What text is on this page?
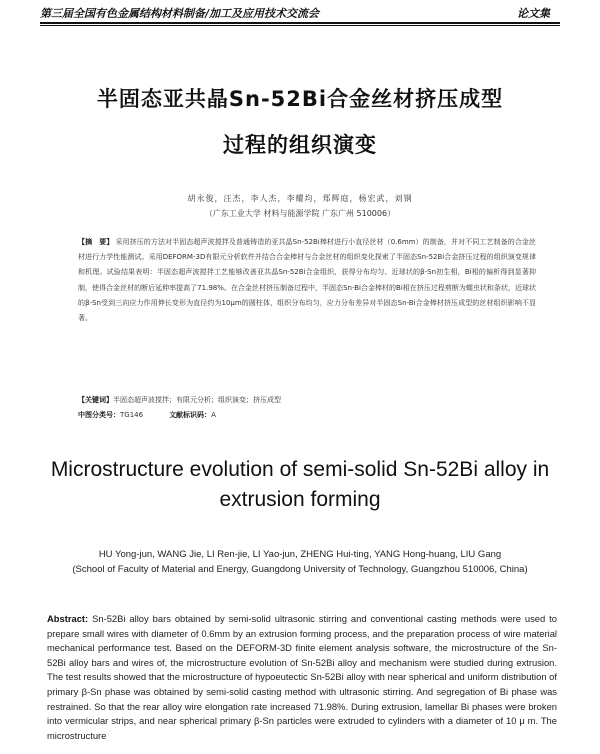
第三届全国有色金属结构材料制备/加工及应用技术交流会	论文集
半固态亚共晶Sn-52Bi合金丝材挤压成型
过程的组织演变
胡永俊，汪杰，李人杰，李耀均，郑辉庭，杨宏武，刘钢
（广东工业大学 材料与能源学院 广东广州 510006）
【摘　要】 采用挤压的方法对半固态超声波搅拌及普通铸造的亚共晶Sn-52Bi棒材进行小直径丝材（0.6mm）的制备，并对不同工艺制备的合金丝材进行力学性能测试。采用DEFORM-3D有限元分析软件并结合合金棒材与合金丝材的组织变化探索了半固态Sn-52Bi合金挤压过程的组织演变规律和机理。试验结果表明：半固态超声波搅拌工艺能够改善亚共晶Sn-52Bi合金组织，获得分布均匀、近球状的β-Sn初生相，Bi相的偏析得到显著抑制，使得合金丝材的断后延伸率提高了71.98%。在合金丝材挤压制备过程中，半固态Sn-Bi合金棒材的Bi相在挤压过程剪断为蠕虫状和条状，近球状的β-Sn受到三向应力作用伸长变形为直径约为10μm的圆柱体，组织分布均匀，应力分布差异对半固态Sn-Bi合金棒材挤压成型的丝材组织影响不显著。
【关键词】半固态超声波搅拌；有限元分析；组织演变；挤压成型
中图分类号：TG146	文献标识码：A
Microstructure evolution of semi-solid Sn-52Bi alloy in
extrusion forming
HU Yong-jun, WANG Jie, LI Ren-jie, LI Yao-jun, ZHENG Hui-ting, YANG Hong-huang, LIU Gang
(School of Faculty of Material and Energy, Guangdong University of Technology, Guangzhou 510006, China)
Abstract: Sn-52Bi alloy bars obtained by semi-solid ultrasonic stirring and conventional casting methods were used to prepare small wires with diameter of 0.6mm by an extrusion forming process, and the preparation process of wire material mechanical performance test. Based on the DEFORM-3D finite element analysis software, the microstructure of the Sn-52Bi alloy bars and wires of, the microstructure evolution of Sn-52Bi alloy and mechanism were studied during extrusion. The test results showed that the microstructure of hypoeutectic Sn-52Bi alloy with near spherical and uniform distribution of primary β-Sn phase was obtained by semi-solid casting method with ultrasonic stirring. And segregation of Bi phase was restrained. So that the rear alloy wire elongation rate increased 71.98%. During extrusion, lamellar Bi phases were broken into vermicular strips, and near spherical primary β-Sn particles were extruded to cylinders with a diameter of 10 μ m. The microstructure
